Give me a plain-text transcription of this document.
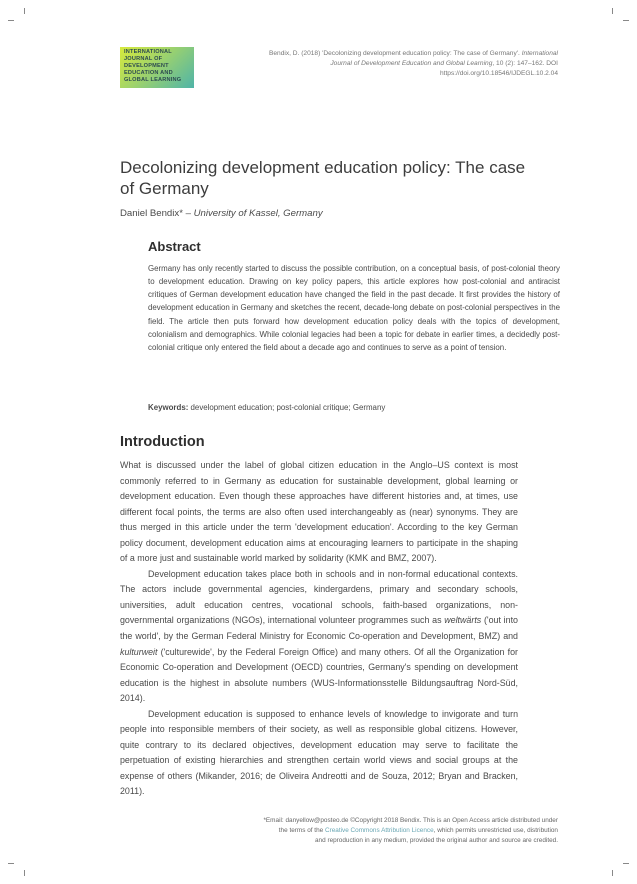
INTERNATIONAL
JOURNAL OF
DEVELOPMENT
EDUCATION AND
GLOBAL LEARNING
Bendix, D. (2018) 'Decolonizing development education policy: The case of Germany'. International Journal of Development Education and Global Learning, 10 (2): 147–162. DOI https://doi.org/10.18546/IJDEGL.10.2.04
Decolonizing development education policy: The case of Germany
Daniel Bendix* – University of Kassel, Germany
Abstract

Germany has only recently started to discuss the possible contribution, on a conceptual basis, of post-colonial theory to development education. Drawing on key policy papers, this article explores how post-colonial and antiracist critiques of German development education have changed the field in the past decade. It first provides the history of development education in Germany and sketches the recent, decade-long debate on post-colonial perspectives in the field. The article then puts forward how development education policy deals with the topics of development, colonialism and demographics. While colonial legacies had been a topic for debate in earlier times, a decidedly post-colonial critique only entered the field about a decade ago and continues to serve as a point of tension.

Keywords: development education; post-colonial critique; Germany
Introduction

What is discussed under the label of global citizen education in the Anglo–US context is most commonly referred to in Germany as education for sustainable development, global learning or development education. Even though these approaches have different histories and, at times, use different focal points, the terms are also often used interchangeably as (near) synonyms. They are thus merged in this article under the term 'development education'. According to the key German policy document, development education aims at encouraging learners to participate in the shaping of a more just and sustainable world marked by solidarity (KMK and BMZ, 2007).

Development education takes place both in schools and in non-formal educational contexts. The actors include governmental agencies, kindergardens, primary and secondary schools, universities, adult education centres, vocational schools, faith-based organizations, non-governmental organizations (NGOs), international volunteer programmes such as weltwärts ('out into the world', by the German Federal Ministry for Economic Co-operation and Development, BMZ) and kulturweit ('culturewide', by the Federal Foreign Office) and many others. Of all the Organization for Economic Co-operation and Development (OECD) countries, Germany's spending on development education is the highest in absolute numbers (WUS-Informationsstelle Bildungsauftrag Nord-Süd, 2014).

Development education is supposed to enhance levels of knowledge to invigorate and turn people into responsible members of their society, as well as responsible global citizens. However, quite contrary to its declared objectives, development education may serve to facilitate the perpetuation of existing hierarchies and strengthen certain world views and social groups at the expense of others (Mikander, 2016; de Oliveira Andreotti and de Souza, 2012; Bryan and Bracken, 2011).

*Email: danyellow@posteo.de ©Copyright 2018 Bendix. This is an Open Access article distributed under
the terms of the Creative Commons Attribution Licence, which permits unrestricted use, distribution
and reproduction in any medium, provided the original author and source are credited.
